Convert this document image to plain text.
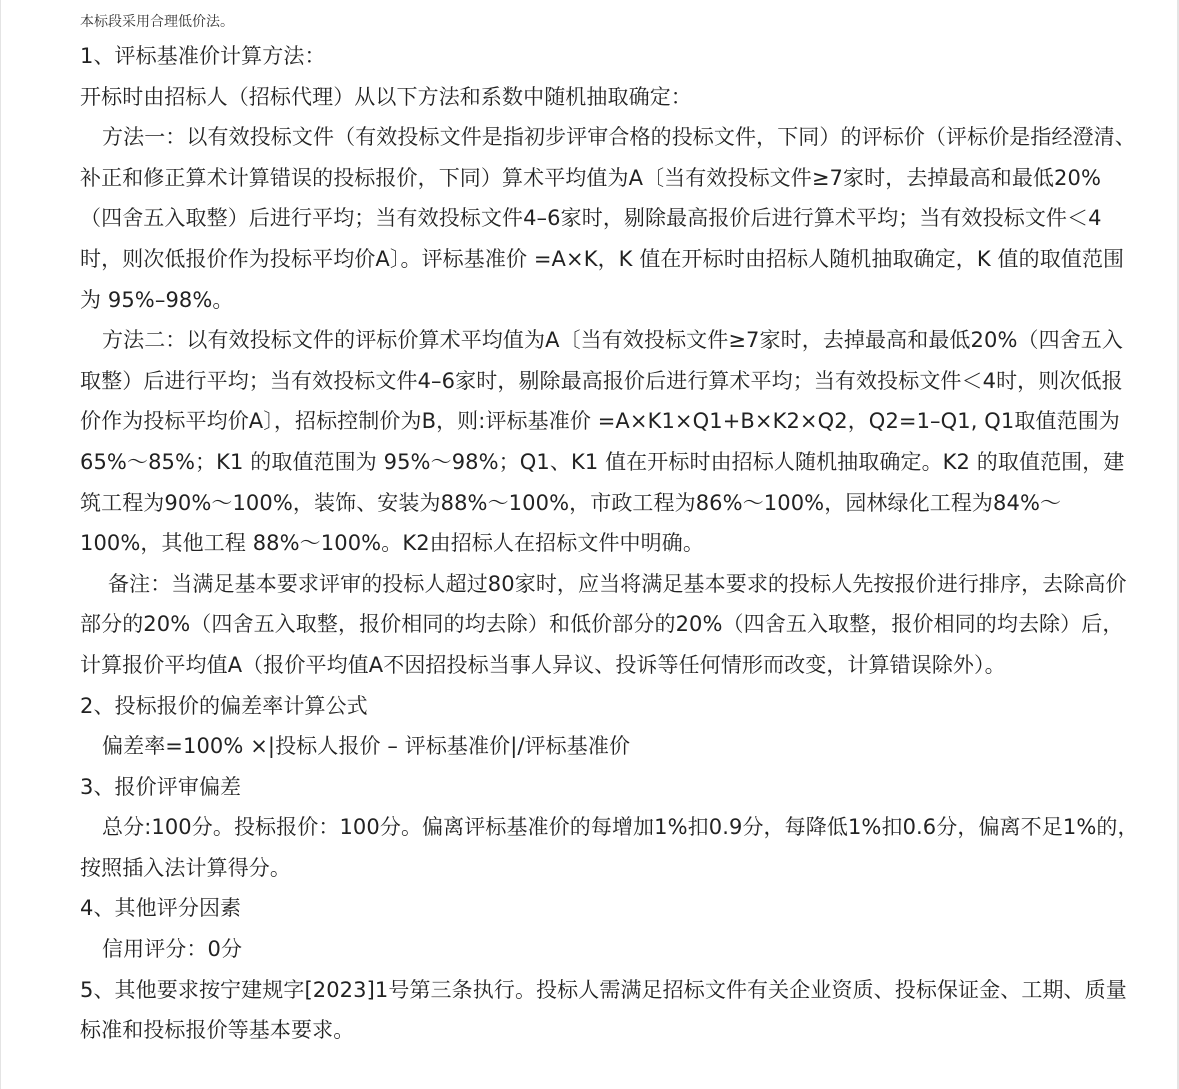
本标段采用合理低价法。

1、评标基准价计算方法：

开标时由招标人（招标代理）从以下方法和系数中随机抽取确定：

方法一：以有效投标文件（有效投标文件是指初步评审合格的投标文件，下同）的评标价（评标价是指经澄清、补正和修正算术计算错误的投标报价，下同）算术平均值为A〔当有效投标文件≥7家时，去掉最高和最低20%（四舍五入取整）后进行平均；当有效投标文件4–6家时，剔除最高报价后进行算术平均；当有效投标文件＜4时，则次低报价作为投标平均价A〕。评标基准价 =A×K，K 值在开标时由招标人随机抽取确定，K 值的取值范围为 95%–98%。

方法二：以有效投标文件的评标价算术平均值为A〔当有效投标文件≥7家时，去掉最高和最低20%（四舍五入取整）后进行平均；当有效投标文件4–6家时，剔除最高报价后进行算术平均；当有效投标文件＜4时，则次低报价作为投标平均价A〕，招标控制价为B，则:评标基准价 =A×K1×Q1+B×K2×Q2，Q2=1–Q1, Q1取值范围为65%～85%；K1 的取值范围为 95%～98%；Q1、K1 值在开标时由招标人随机抽取确定。K2 的取值范围，建筑工程为90%～100%，装饰、安装为88%～100%，市政工程为86%～100%，园林绿化工程为84%～100%，其他工程 88%～100%。K2由招标人在招标文件中明确。

备注：当满足基本要求评审的投标人超过80家时，应当将满足基本要求的投标人先按报价进行排序，去除高价部分的20%（四舍五入取整，报价相同的均去除）和低价部分的20%（四舍五入取整，报价相同的均去除）后，计算报价平均值A（报价平均值A不因招投标当事人异议、投诉等任何情形而改变，计算错误除外）。

2、投标报价的偏差率计算公式

偏差率=100% ×|投标人报价 – 评标基准价|/评标基准价

3、报价评审偏差

总分:100分。投标报价：100分。偏离评标基准价的每增加1%扣0.9分，每降低1%扣0.6分，偏离不足1%的，按照插入法计算得分。

4、其他评分因素

信用评分：0分

5、其他要求按宁建规字[2023]1号第三条执行。投标人需满足招标文件有关企业资质、投标保证金、工期、质量标准和投标报价等基本要求。
